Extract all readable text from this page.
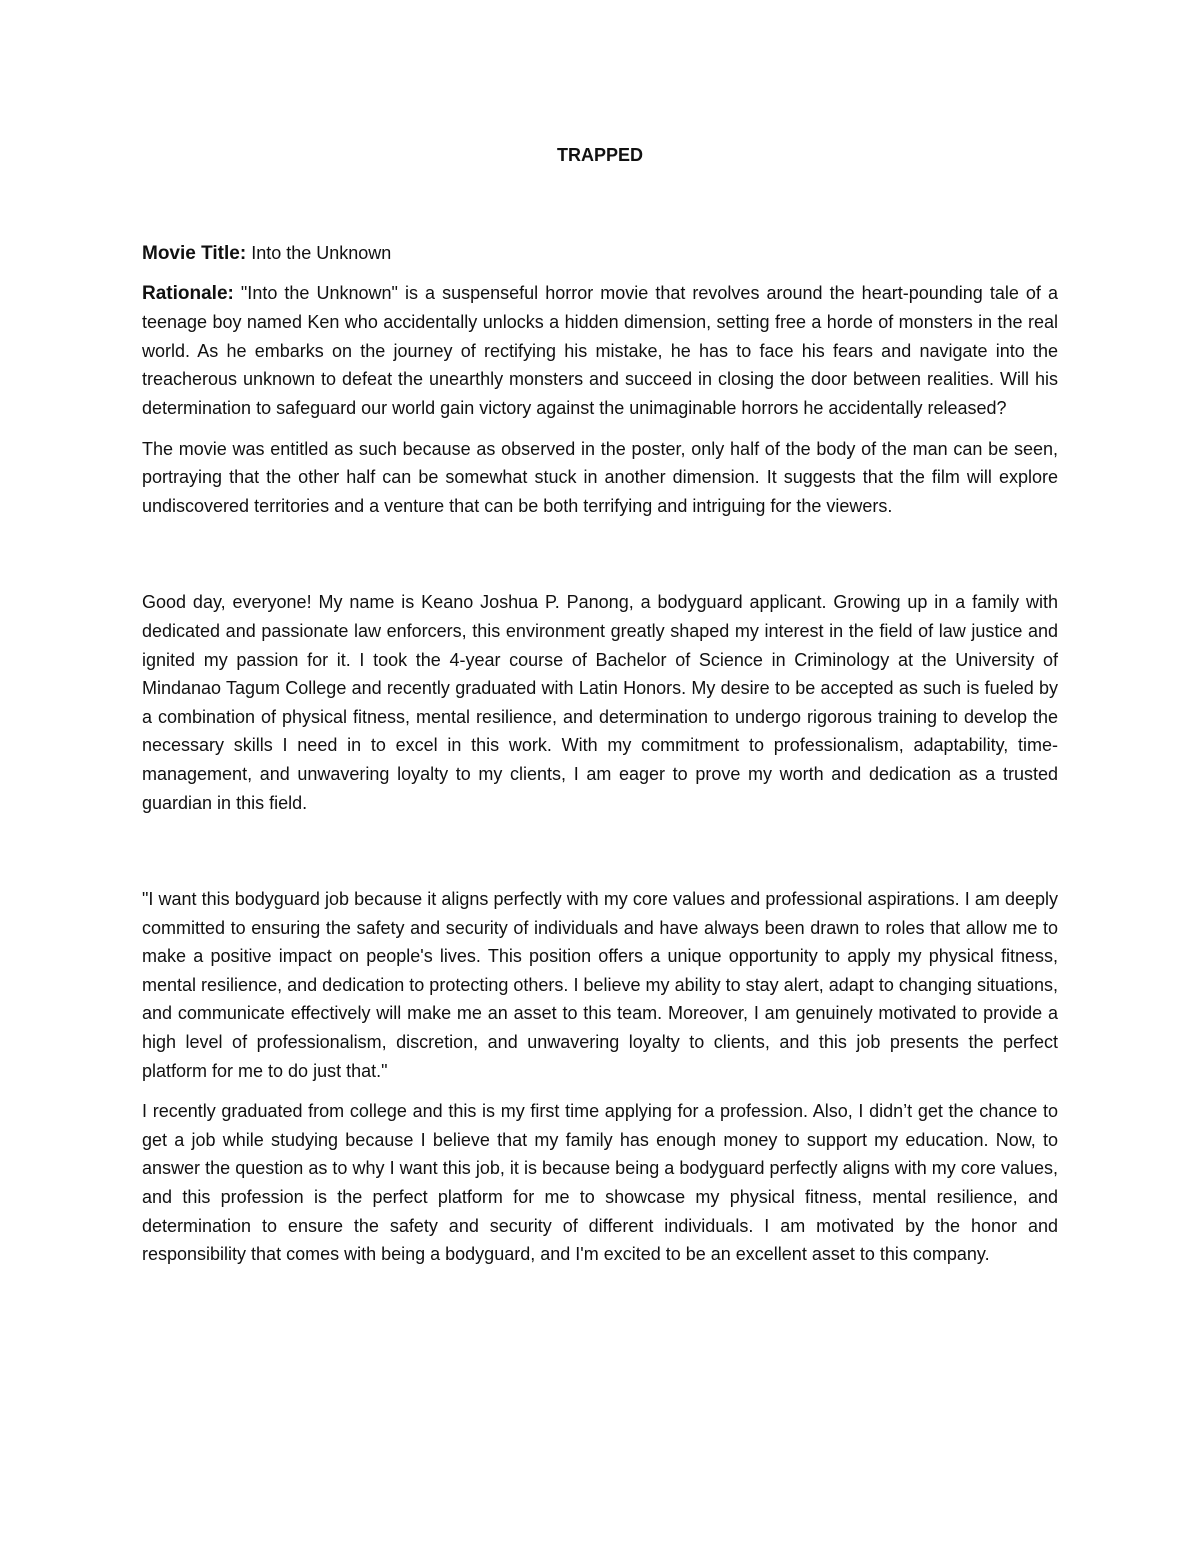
TRAPPED

Movie Title: Into the Unknown

Rationale: "Into the Unknown" is a suspenseful horror movie that revolves around the heart-pounding tale of a teenage boy named Ken who accidentally unlocks a hidden dimension, setting free a horde of monsters in the real world. As he embarks on the journey of rectifying his mistake, he has to face his fears and navigate into the treacherous unknown to defeat the unearthly monsters and succeed in closing the door between realities. Will his determination to safeguard our world gain victory against the unimaginable horrors he accidentally released?

The movie was entitled as such because as observed in the poster, only half of the body of the man can be seen, portraying that the other half can be somewhat stuck in another dimension. It suggests that the film will explore undiscovered territories and a venture that can be both terrifying and intriguing for the viewers.

Good day, everyone! My name is Keano Joshua P. Panong, a bodyguard applicant. Growing up in a family with dedicated and passionate law enforcers, this environment greatly shaped my interest in the field of law justice and ignited my passion for it. I took the 4-year course of Bachelor of Science in Criminology at the University of Mindanao Tagum College and recently graduated with Latin Honors. My desire to be accepted as such is fueled by a combination of physical fitness, mental resilience, and determination to undergo rigorous training to develop the necessary skills I need in to excel in this work. With my commitment to professionalism, adaptability, time-management, and unwavering loyalty to my clients, I am eager to prove my worth and dedication as a trusted guardian in this field.

"I want this bodyguard job because it aligns perfectly with my core values and professional aspirations. I am deeply committed to ensuring the safety and security of individuals and have always been drawn to roles that allow me to make a positive impact on people's lives. This position offers a unique opportunity to apply my physical fitness, mental resilience, and dedication to protecting others. I believe my ability to stay alert, adapt to changing situations, and communicate effectively will make me an asset to this team. Moreover, I am genuinely motivated to provide a high level of professionalism, discretion, and unwavering loyalty to clients, and this job presents the perfect platform for me to do just that."

I recently graduated from college and this is my first time applying for a profession. Also, I didn’t get the chance to get a job while studying because I believe that my family has enough money to support my education. Now, to answer the question as to why I want this job, it is because being a bodyguard perfectly aligns with my core values, and this profession is the perfect platform for me to showcase my physical fitness, mental resilience, and determination to ensure the safety and security of different individuals. I am motivated by the honor and responsibility that comes with being a bodyguard, and I'm excited to be an excellent asset to this company.
